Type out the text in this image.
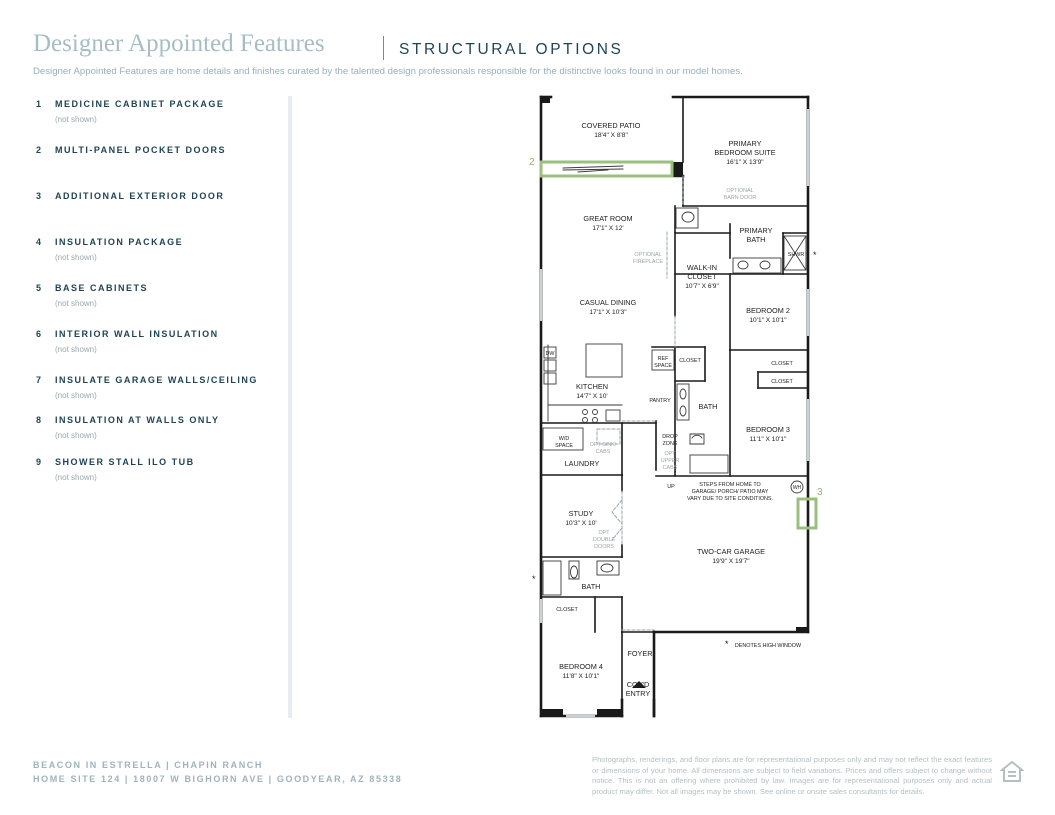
Designer Appointed Features	STRUCTURAL OPTIONS
Designer Appointed Features are home details and finishes curated by the talented design professionals responsible for the distinctive looks found in our model homes.
1 MEDICINE CABINET PACKAGE
(not shown)
2 MULTI-PANEL POCKET DOORS
3 ADDITIONAL EXTERIOR DOOR
4 INSULATION PACKAGE
(not shown)
5 BASE CABINETS
(not shown)
6 INTERIOR WALL INSULATION
(not shown)
7 INSULATE GARAGE WALLS/CEILING
(not shown)
8 INSULATION AT WALLS ONLY
(not shown)
9 SHOWER STALL ILO TUB
(not shown)
COVERED PATIO
18'4" X 8'8"
PRIMARY
BEDROOM SUITE
16'1" X 13'9"
GREAT ROOM
17'1" X 12'	PRIMARY
BATH
WALK-IN
CLOSET
10'7" X 6'9"
CASUAL DINING
17'1" X 10'3"	BEDROOM 2
10'1" X 10'1"
KITCHEN
14'7" X 10'
BATH
BEDROOM 3
11'1" X 10'1"
LAUNDRY
STUDY
10'3" X 10'
TWO-CAR GARAGE
19'9" X 19'7"
BATH
BEDROOM 4
11'8" X 10'1"
FOYER
COV'D
ENTRY
OPTIONAL
BARN DOOR
OPTIONAL
FIREPLACE
SHWR
DW
REF
SPACE
CLOSET	CLOSET
CLOSET
PANTRY
DROP
ZONE
OPT
UPPER
CABS
W/D
SPACE	OPT SINK/
CABS
UP	STEPS FROM HOME TO
GARAGE/ PORCH/ PATIO MAY
VARY DUE TO SITE CONDITIONS.
WH
OPT
DOUBLE
DOORS
CLOSET
DENOTES HIGH WINDOW
*
*
*
2
3
BEACON IN ESTRELLA | CHAPIN RANCH
HOME SITE 124 | 18007 W BIGHORN AVE | GOODYEAR, AZ 85338
Photographs, renderings, and floor plans are for representational purposes only and may not reflect the exact features or dimensions of your home. All dimensions are subject to field variations. Prices and offers subject to change without notice. This is not an offering where prohibited by law. Images are for representational purposes only and actual product may differ. Not all images may be shown. See online or onsite sales consultants for details.
